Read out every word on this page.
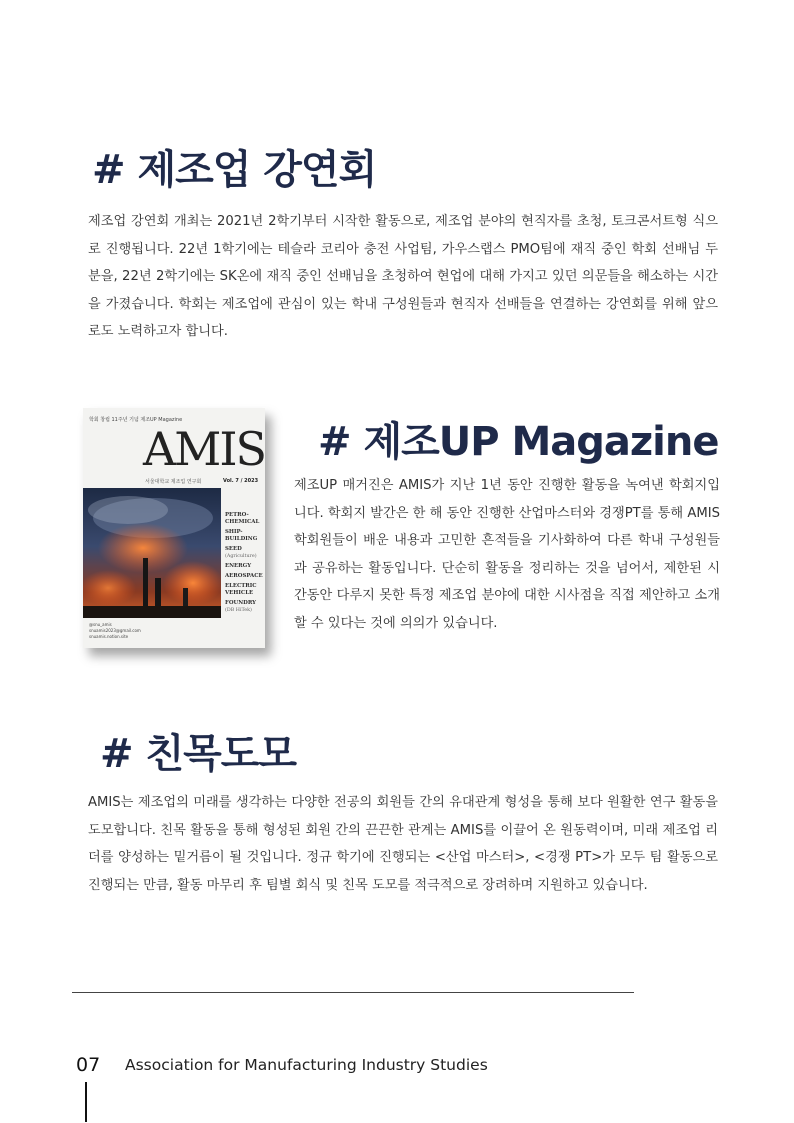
# 제조업 강연회

제조업 강연회 개최는 2021년 2학기부터 시작한 활동으로, 제조업 분야의 현직자를 초청, 토크콘서트형 식으로 진행됩니다. 22년 1학기에는 테슬라 코리아 충전 사업팀, 가우스랩스 PMO팀에 재직 중인 학회 선배님 두 분을, 22년 2학기에는 SK온에 재직 중인 선배님을 초청하여 현업에 대해 가지고 있던 의문들을 해소하는 시간을 가졌습니다. 학회는 제조업에 관심이 있는 학내 구성원들과 현직자 선배들을 연결하는 강연회를 위해 앞으로도 노력하고자 합니다.

학회 창립 11주년 기념 제조UP Magazine
AMIS
서울대학교 제조업 연구회	Vol. 7 / 2023
PETRO-CHEMICAL
SHIP-BUILDING
SEED
(Agriculture)
ENERGY
AEROSPACE
ELECTRIC VEHICLE
FOUNDRY
(DB HiTek)
@snu_amis
snuamis2023@gmail.com
snuamis.notion.site
# 제조UP Magazine

제조UP 매거진은 AMIS가 지난 1년 동안 진행한 활동을 녹여낸 학회지입니다. 학회지 발간은 한 해 동안 진행한 산업마스터와 경쟁PT를 통해 AMIS 학회원들이 배운 내용과 고민한 흔적들을 기사화하여 다른 학내 구성원들과 공유하는 활동입니다. 단순히 활동을 정리하는 것을 넘어서, 제한된 시간동안 다루지 못한 특정 제조업 분야에 대한 시사점을 직접 제안하고 소개할 수 있다는 것에 의의가 있습니다.

# 친목도모

AMIS는 제조업의 미래를 생각하는 다양한 전공의 회원들 간의 유대관계 형성을 통해 보다 원활한 연구 활동을 도모합니다. 친목 활동을 통해 형성된 회원 간의 끈끈한 관계는 AMIS를 이끌어 온 원동력이며, 미래 제조업 리더를 양성하는 밑거름이 될 것입니다. 정규 학기에 진행되는 <산업 마스터>, <경쟁 PT>가 모두 팀 활동으로 진행되는 만큼, 활동 마무리 후 팀별 회식 및 친목 도모를 적극적으로 장려하며 지원하고 있습니다.

07 Association for Manufacturing Industry Studies
